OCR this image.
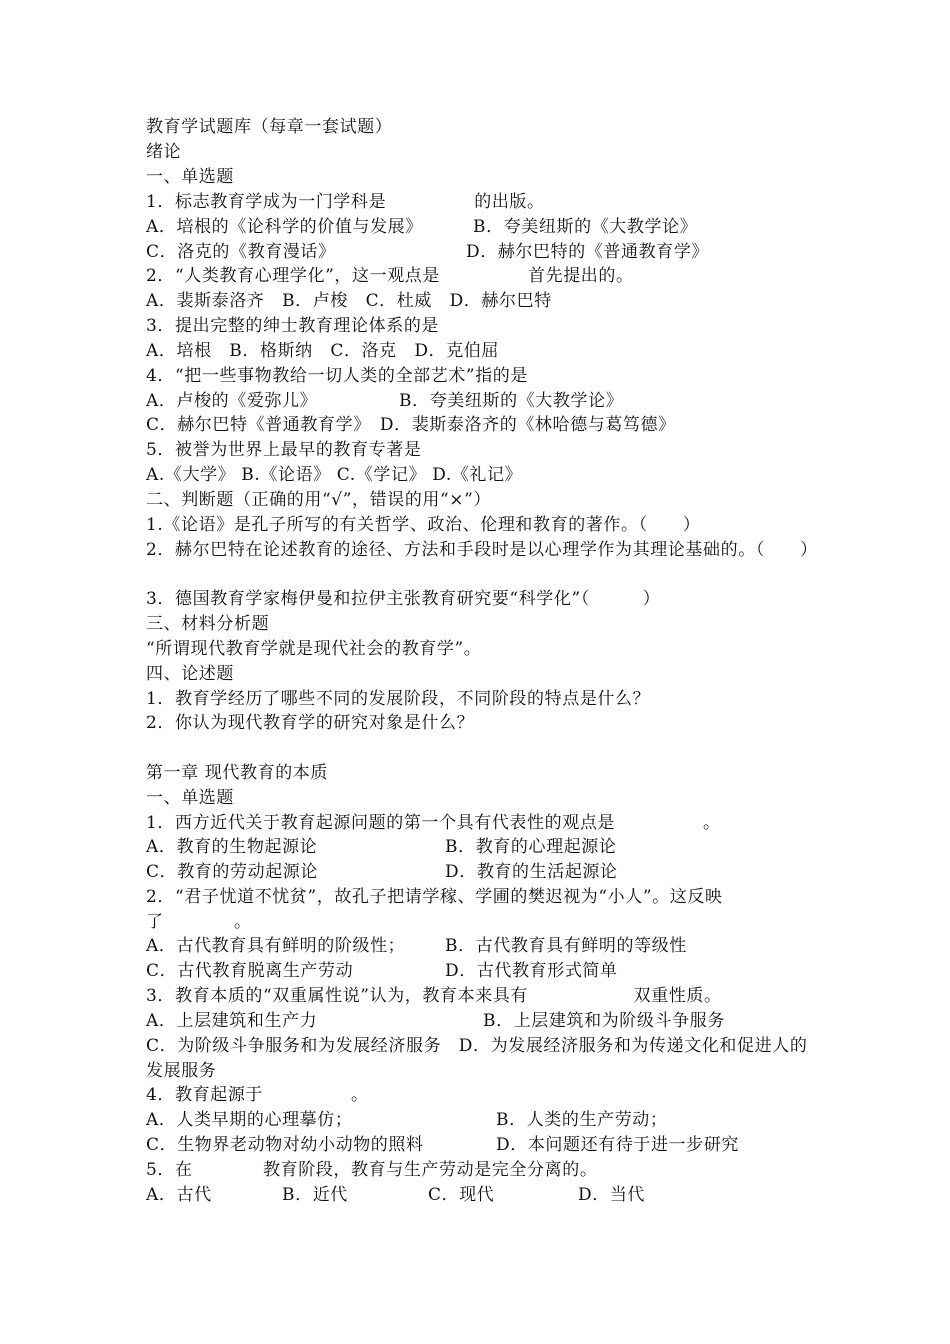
教育学试题库（每章一套试题）
绪论
一、单选题
1．标志教育学成为一门学科是　　　　　的出版。
A．培根的《论科学的价值与发展》	B．夸美纽斯的《大教学论》
C．洛克的《教育漫话》	D．赫尔巴特的《普通教育学》
2．“人类教育心理学化”，这一观点是　　　　　首先提出的。
A．裴斯泰洛齐　B．卢梭　C．杜威　D．赫尔巴特
3．提出完整的绅士教育理论体系的是
A．培根　B．格斯纳　C．洛克　D．克伯屈
4．“把一些事物教给一切人类的全部艺术”指的是
A．卢梭的《爱弥儿》	B．夸美纽斯的《大教学论》
C．赫尔巴特《普通教育学》　D．裴斯泰洛齐的《林哈德与葛笃德》
5．被誉为世界上最早的教育专著是
A.《大学》 B.《论语》 C.《学记》 D.《礼记》
二、判断题（正确的用“√”，错误的用“×”）
1.《论语》是孔子所写的有关哲学、政治、伦理和教育的著作。（　　）
2．赫尔巴特在论述教育的途径、方法和手段时是以心理学作为其理论基础的。（　　）
3．德国教育学家梅伊曼和拉伊主张教育研究要“科学化”（　　　）
三、材料分析题
“所谓现代教育学就是现代社会的教育学”。
四、论述题
1．教育学经历了哪些不同的发展阶段，不同阶段的特点是什么？
2．你认为现代教育学的研究对象是什么？
第一章 现代教育的本质
一、单选题
1．西方近代关于教育起源问题的第一个具有代表性的观点是　　　　　。
A．教育的生物起源论	B．教育的心理起源论
C．教育的劳动起源论	D．教育的生活起源论
2．“君子忧道不忧贫”，故孔子把请学稼、学圃的樊迟视为“小人”。这反映了　　　　。
A．古代教育具有鲜明的阶级性； B．古代教育具有鲜明的等级性
C．古代教育脱离生产劳动	D．古代教育形式简单
3．教育本质的“双重属性说”认为，教育本来具有　　　　　　双重性质。
A．上层建筑和生产力	B．上层建筑和为阶级斗争服务
C．为阶级斗争服务和为发展经济服务　D．为发展经济服务和为传递文化和促进人的发展服务
4．教育起源于　　　　　。
A．人类早期的心理摹仿；	B．人类的生产劳动；
C．生物界老动物对幼小动物的照料	D．本问题还有待于进一步研究
5．在　　　　教育阶段，教育与生产劳动是完全分离的。
A．古代	B．近代	C．现代	D．当代
